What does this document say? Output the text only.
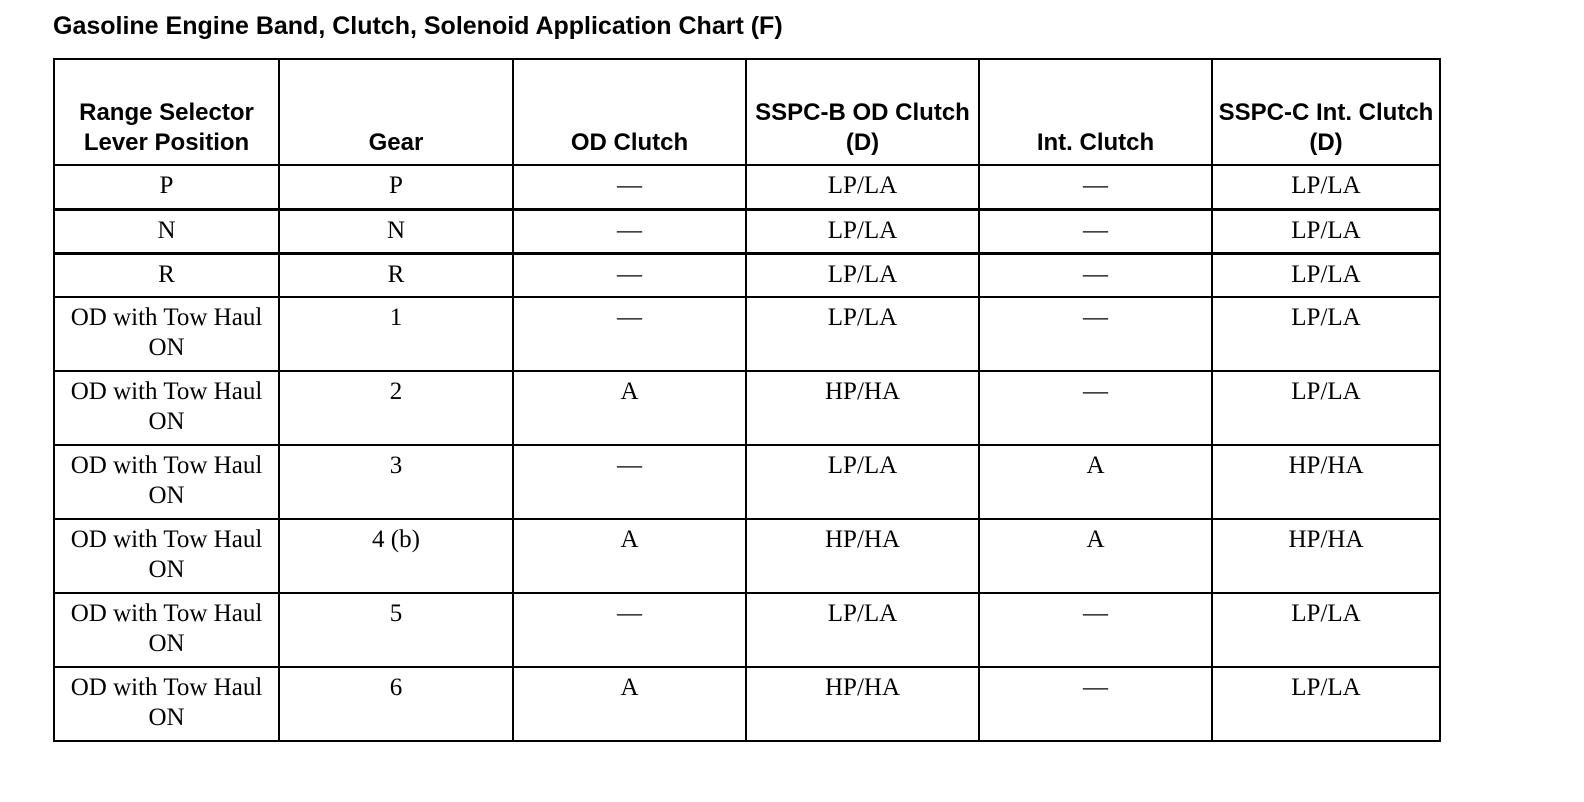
Gasoline Engine Band, Clutch, Solenoid Application Chart (F)
Range Selector Lever Position	Gear	OD Clutch	SSPC-B OD Clutch (D)	Int. Clutch	SSPC-C Int. Clutch (D)
P	P	—	LP/LA	—	LP/LA
N	N	—	LP/LA	—	LP/LA
R	R	—	LP/LA	—	LP/LA
OD with Tow Haul ON	1	—	LP/LA	—	LP/LA
OD with Tow Haul ON	2	A	HP/HA	—	LP/LA
OD with Tow Haul ON	3	—	LP/LA	A	HP/HA
OD with Tow Haul ON	4 (b)	A	HP/HA	A	HP/HA
OD with Tow Haul ON	5	—	LP/LA	—	LP/LA
OD with Tow Haul ON	6	A	HP/HA	—	LP/LA
